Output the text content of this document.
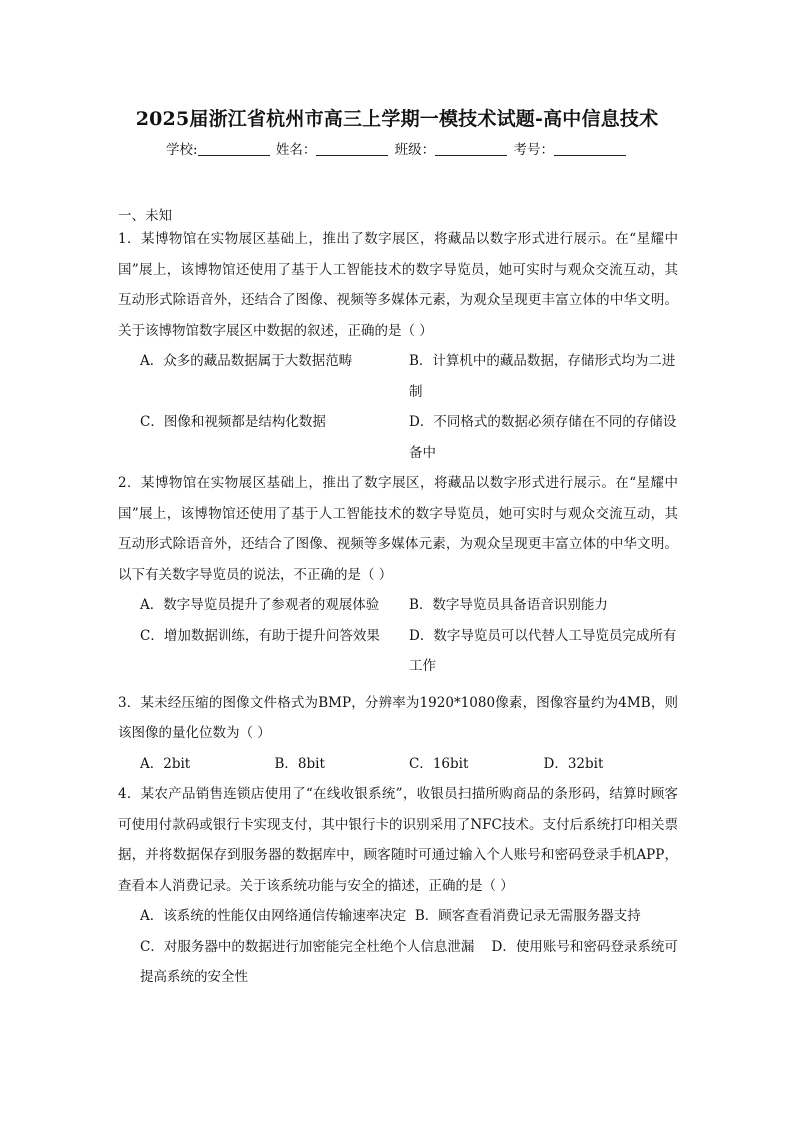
2025届浙江省杭州市高三上学期一模技术试题-高中信息技术
学校:	姓名：	班级：	考号：
一、未知

1．某博物馆在实物展区基础上，推出了数字展区，将藏品以数字形式进行展示。在“星耀中国”展上，该博物馆还使用了基于人工智能技术的数字导览员，她可实时与观众交流互动，其互动形式除语音外，还结合了图像、视频等多媒体元素，为观众呈现更丰富立体的中华文明。关于该博物馆数字展区中数据的叙述，正确的是（ ）

A．众多的藏品数据属于大数据范畴	B．计算机中的藏品数据，存储形式均为二进制
C．图像和视频都是结构化数据	D．不同格式的数据必须存储在不同的存储设备中

2．某博物馆在实物展区基础上，推出了数字展区，将藏品以数字形式进行展示。在“星耀中国”展上，该博物馆还使用了基于人工智能技术的数字导览员，她可实时与观众交流互动，其互动形式除语音外，还结合了图像、视频等多媒体元素，为观众呈现更丰富立体的中华文明。以下有关数字导览员的说法，不正确的是（ ）

A．数字导览员提升了参观者的观展体验	B．数字导览员具备语音识别能力
C．增加数据训练，有助于提升问答效果	D．数字导览员可以代替人工导览员完成所有工作

3．某未经压缩的图像文件格式为BMP，分辨率为1920*1080像素，图像容量约为4MB，则该图像的量化位数为（ ）

A．2bit	B．8bit	C．16bit	D．32bit

4．某农产品销售连锁店使用了“在线收银系统”，收银员扫描所购商品的条形码，结算时顾客可使用付款码或银行卡实现支付，其中银行卡的识别采用了NFC技术。支付后系统打印相关票据，并将数据保存到服务器的数据库中，顾客随时可通过输入个人账号和密码登录手机APP，查看本人消费记录。关于该系统功能与安全的描述，正确的是（ ）

A．该系统的性能仅由网络通信传输速率决定 B．顾客查看消费记录无需服务器支持
C．对服务器中的数据进行加密能完全杜绝个人信息泄漏 D．使用账号和密码登录系统可提高系统的安全性
